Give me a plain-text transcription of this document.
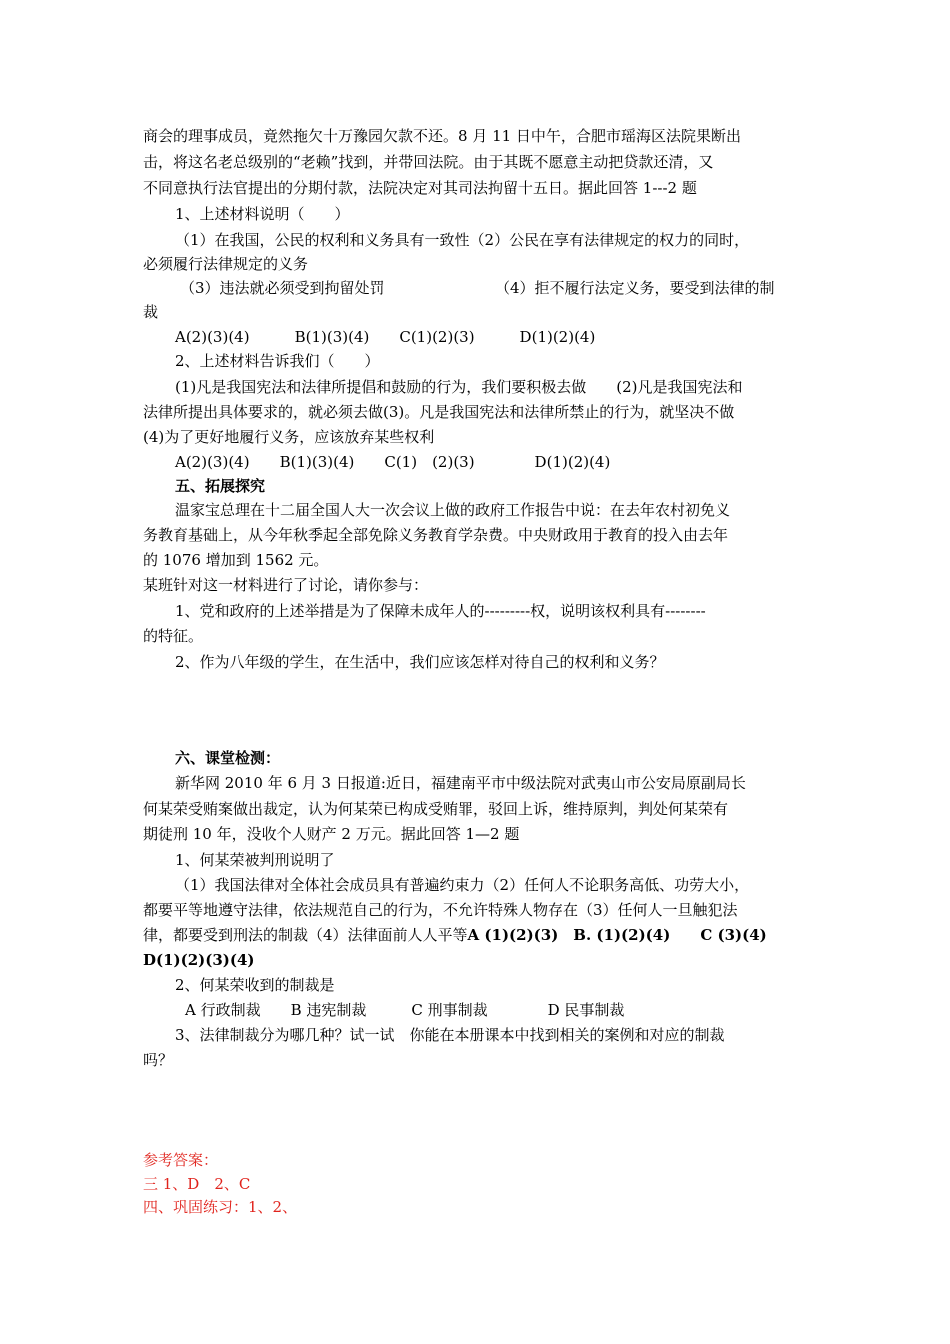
商会的理事成员，竟然拖欠十万豫园欠款不还。8 月 11 日中午，合肥市瑶海区法院果断出
击，将这名老总级别的“老赖”找到，并带回法院。由于其既不愿意主动把贷款还清，又
不同意执行法官提出的分期付款，法院决定对其司法拘留十五日。据此回答 1---2 题
1、上述材料说明（　　）
（1）在我国，公民的权利和义务具有一致性（2）公民在享有法律规定的权力的同时，
必须履行法律规定的义务
（3）违法就必须受到拘留处罚	（4）拒不履行法定义务，要受到法律的制
裁
A(2)(3)(4)　　　B(1)(3)(4)　　C(1)(2)(3)　　　D(1)(2)(4)
2、上述材料告诉我们（　　）
(1)凡是我国宪法和法律所提倡和鼓励的行为，我们要积极去做　　(2)凡是我国宪法和
法律所提出具体要求的，就必须去做(3)。凡是我国宪法和法律所禁止的行为，就坚决不做
(4)为了更好地履行义务，应该放弃某些权利
A(2)(3)(4)　　B(1)(3)(4)　　C(1)　(2)(3)　　　　D(1)(2)(4)
五、拓展探究
温家宝总理在十二届全国人大一次会议上做的政府工作报告中说：在去年农村初免义
务教育基础上，从今年秋季起全部免除义务教育学杂费。中央财政用于教育的投入由去年
的 1076 增加到 1562 元。
某班针对这一材料进行了讨论，请你参与：
1、党和政府的上述举措是为了保障未成年人的---------权，说明该权利具有--------
的特征。
2、作为八年级的学生，在生活中，我们应该怎样对待自己的权利和义务？
六、课堂检测：
新华网 2010 年 6 月 3 日报道:近日，福建南平市中级法院对武夷山市公安局原副局长
何某荣受贿案做出裁定，认为何某荣已构成受贿罪，驳回上诉，维持原判，判处何某荣有
期徒刑 10 年，没收个人财产 2 万元。据此回答 1—2 题
1、何某荣被判刑说明了
（1）我国法律对全体社会成员具有普遍约束力（2）任何人不论职务高低、功劳大小，
都要平等地遵守法律，依法规范自己的行为，不允许特殊人物存在（3）任何人一旦触犯法
律，都要受到刑法的制裁（4）法律面前人人平等A (1)(2)(3)　B. (1)(2)(4)　　C (3)(4)
D(1)(2)(3)(4)
2、何某荣收到的制裁是
A 行政制裁　　B 违宪制裁　　　C 刑事制裁　　　　D 民事制裁
3、法律制裁分为哪几种？试一试　你能在本册课本中找到相关的案例和对应的制裁
吗？
参考答案：
三 1、D　2、C
四、巩固练习：1、2、
